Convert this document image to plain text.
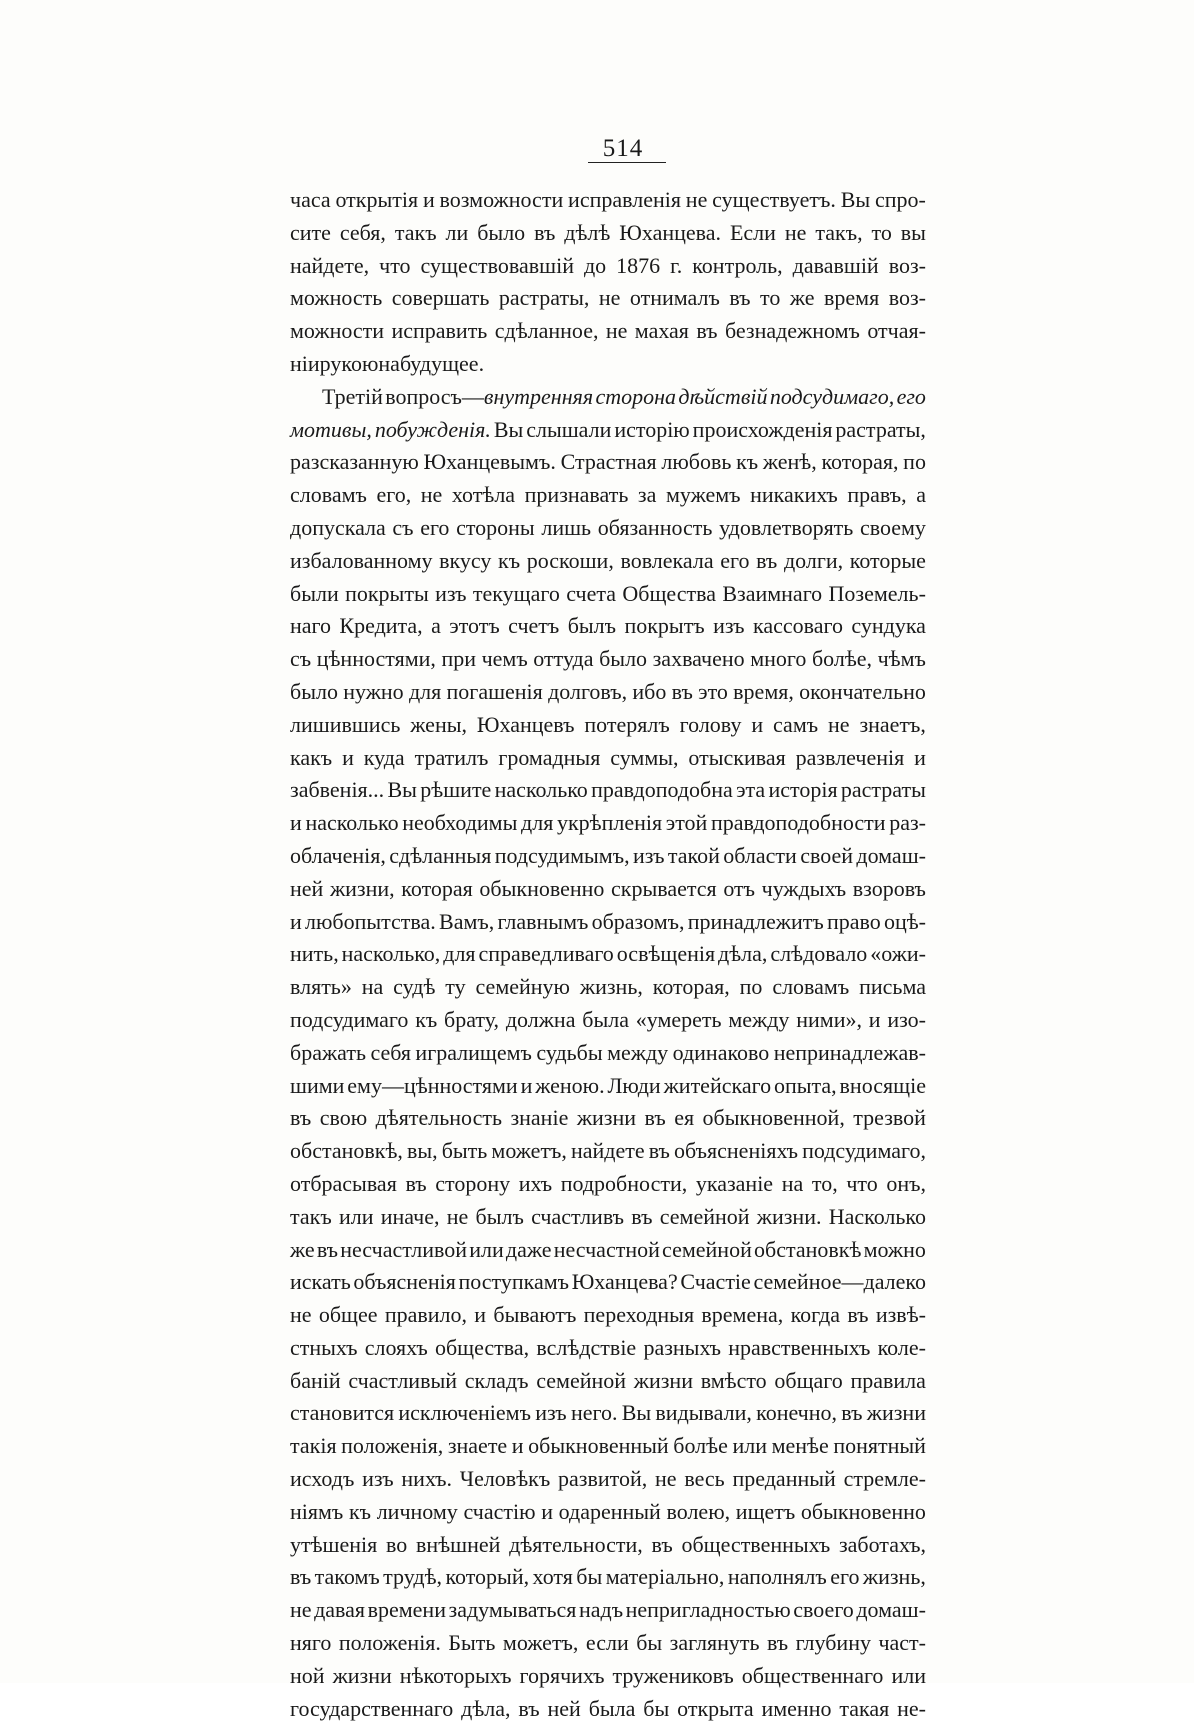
514
часа открытія и возможности исправленія не существуетъ. Вы спро-
сите себя, такъ ли было въ дѣлѣ Юханцева. Если не такъ, то вы
найдете, что существовавшій до 1876 г. контроль, дававшій воз-
можность совершать растраты, не отнималъ въ то же время воз-
можности исправить сдѣланное, не махая въ безнадежномъ отчая-
ніи рукою на будущее.
Третій вопросъ—внутренняя сторона дѣйствій подсудимаго, его
мотивы, побужденія. Вы слышали исторію происхожденія растраты,
разсказанную Юханцевымъ. Страстная любовь къ женѣ, которая, по
словамъ его, не хотѣла признавать за мужемъ никакихъ правъ, а
допускала съ его стороны лишь обязанность удовлетворять своему
избалованному вкусу къ роскоши, вовлекала его въ долги, которые
были покрыты изъ текущаго счета Общества Взаимнаго Поземель-
наго Кредита, а этотъ счетъ былъ покрытъ изъ кассоваго сундука
съ цѣнностями, при чемъ оттуда было захвачено много болѣе, чѣмъ
было нужно для погашенія долговъ, ибо въ это время, окончательно
лишившись жены, Юханцевъ потерялъ голову и самъ не знаетъ,
какъ и куда тратилъ громадныя суммы, отыскивая развлеченія и
забвенія... Вы рѣшите насколько правдоподобна эта исторія растраты
и насколько необходимы для укрѣпленія этой правдоподобности раз-
облаченія, сдѣланныя подсудимымъ, изъ такой области своей домаш-
ней жизни, которая обыкновенно скрывается отъ чуждыхъ взоровъ
и любопытства. Вамъ, главнымъ образомъ, принадлежитъ право оцѣ-
нить, насколько, для справедливаго освѣщенія дѣла, слѣдовало «ожи-
влять» на судѣ ту семейную жизнь, которая, по словамъ письма
подсудимаго къ брату, должна была «умереть между ними», и изо-
бражать себя игралищемъ судьбы между одинаково непринадлежав-
шими ему—цѣнностями и женою. Люди житейскаго опыта, вносящіе
въ свою дѣятельность знаніе жизни въ ея обыкновенной, трезвой
обстановкѣ, вы, быть можетъ, найдете въ объясненіяхъ подсудимаго,
отбрасывая въ сторону ихъ подробности, указаніе на то, что онъ,
такъ или иначе, не былъ счастливъ въ семейной жизни. Насколько
же въ несчастливой или даже несчастной семейной обстановкѣ можно
искать объясненія поступкамъ Юханцева? Счастіе семейное—далеко
не общее правило, и бываютъ переходныя времена, когда въ извѣ-
стныхъ слояхъ общества, вслѣдствіе разныхъ нравственныхъ коле-
баній счастливый складъ семейной жизни вмѣсто общаго правила
становится исключеніемъ изъ него. Вы видывали, конечно, въ жизни
такія положенія, знаете и обыкновенный болѣе или менѣе понятный
исходъ изъ нихъ. Человѣкъ развитой, не весь преданный стремле-
ніямъ къ личному счастію и одаренный волею, ищетъ обыкновенно
утѣшенія во внѣшней дѣятельности, въ общественныхъ заботахъ,
въ такомъ трудѣ, который, хотя бы матеріально, наполнялъ его жизнь,
не давая времени задумываться надъ непригладностью своего домаш-
няго положенія. Быть можетъ, если бы заглянуть въ глубину част-
ной жизни нѣкоторыхъ горячихъ тружениковъ общественнаго или
государственнаго дѣла, въ ней была бы открыта именно такая не-
